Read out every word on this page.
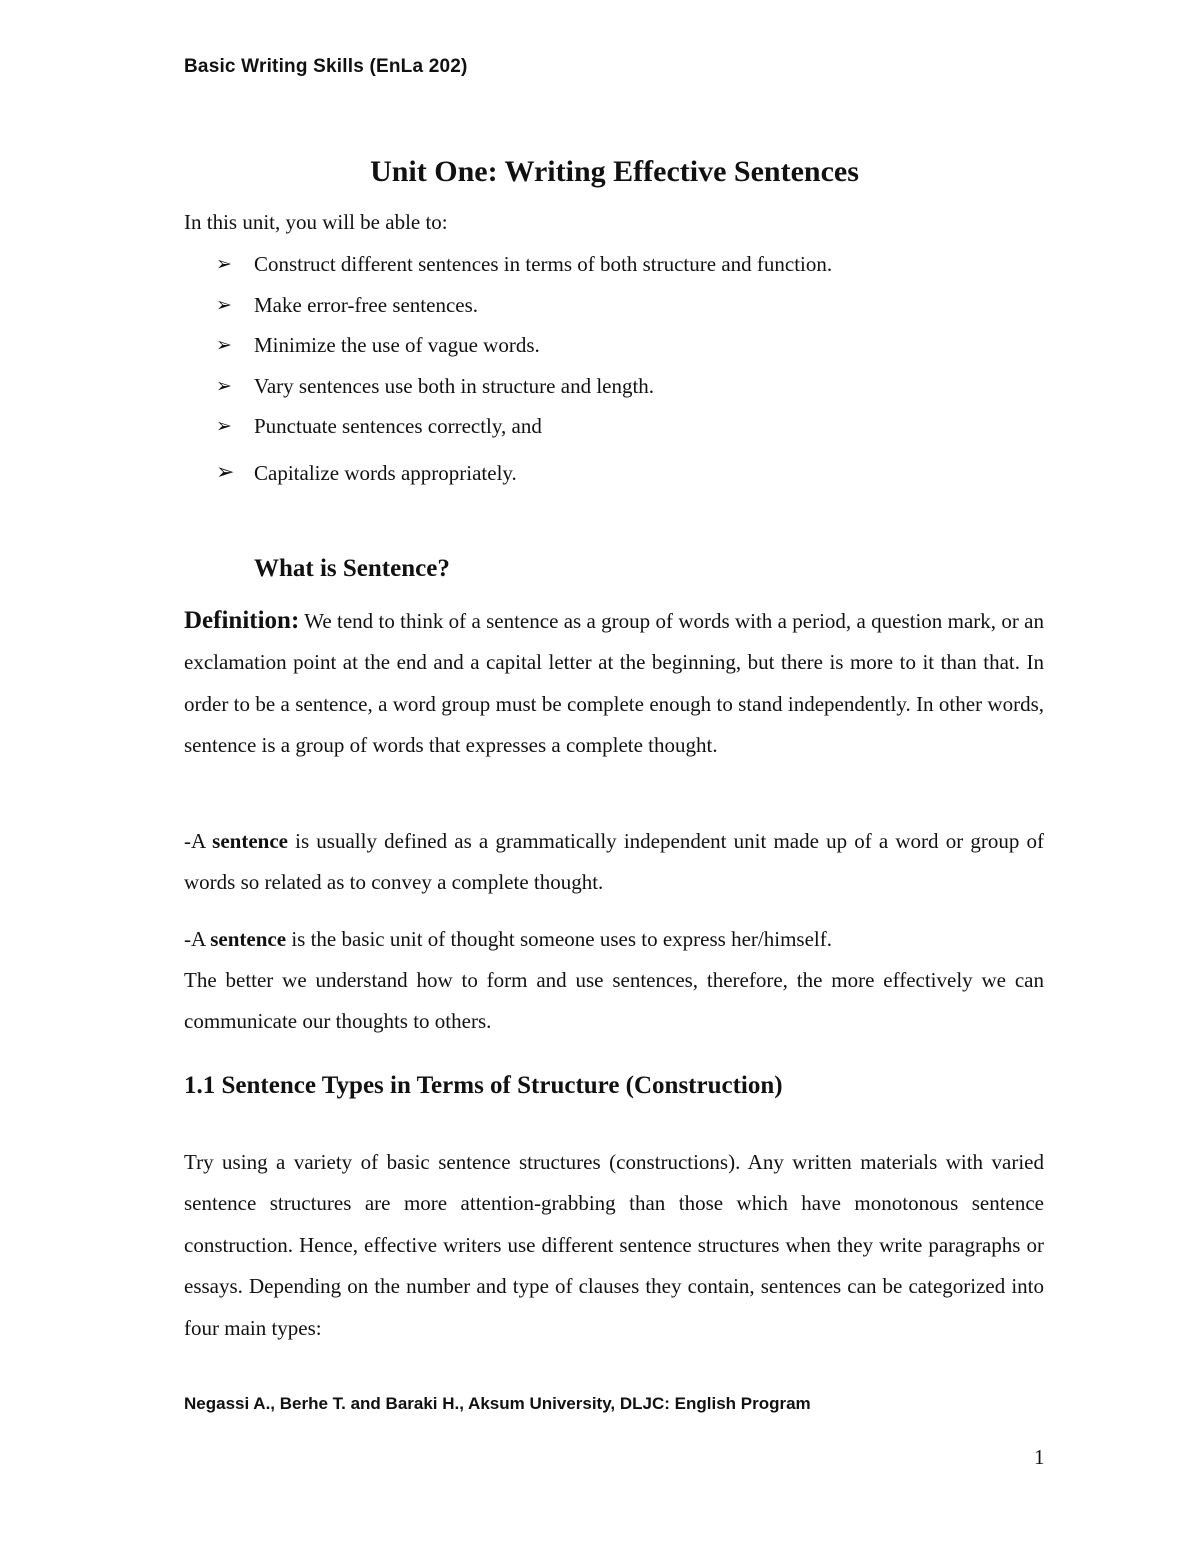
Basic Writing Skills (EnLa 202)
Unit One: Writing Effective Sentences
In this unit, you will be able to:
➢ Construct different sentences in terms of both structure and function.
➢ Make error-free sentences.
➢ Minimize the use of vague words.
➢ Vary sentences use both in structure and length.
➢ Punctuate sentences correctly, and
➢ Capitalize words appropriately.
What is Sentence?

Definition: We tend to think of a sentence as a group of words with a period, a question mark, or an exclamation point at the end and a capital letter at the beginning, but there is more to it than that. In order to be a sentence, a word group must be complete enough to stand independently. In other words, sentence is a group of words that expresses a complete thought.

-A sentence is usually defined as a grammatically independent unit made up of a word or group of words so related as to convey a complete thought.

-A sentence is the basic unit of thought someone uses to express her/himself.

The better we understand how to form and use sentences, therefore, the more effectively we can communicate our thoughts to others.

1.1 Sentence Types in Terms of Structure (Construction)

Try using a variety of basic sentence structures (constructions). Any written materials with varied sentence structures are more attention-grabbing than those which have monotonous sentence construction. Hence, effective writers use different sentence structures when they write paragraphs or essays. Depending on the number and type of clauses they contain, sentences can be categorized into four main types:

Negassi A., Berhe T. and Baraki H., Aksum University, DLJC: English Program
1
